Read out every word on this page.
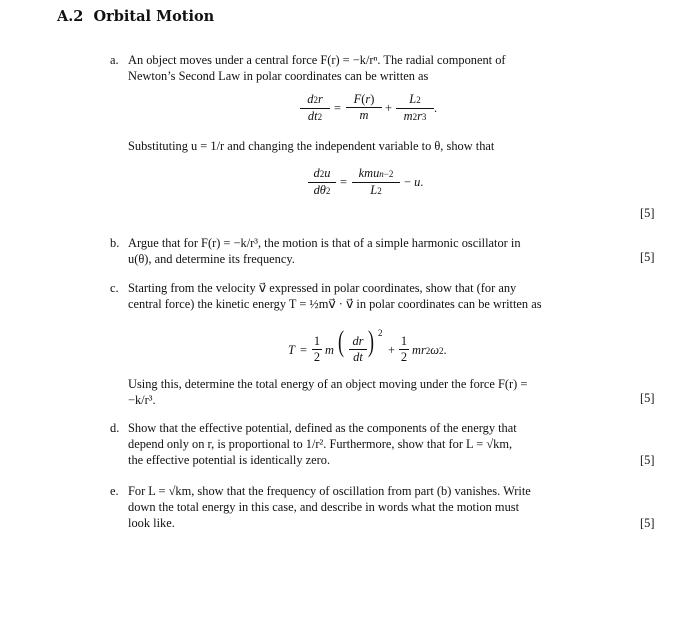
A.2 Orbital Motion
a. An object moves under a central force F(r) = −k/rⁿ. The radial component of
Newton’s Second Law in polar coordinates can be written as
d2r
dt2
=
F(r)
m	+
L2
m2r3
.
Substituting u = 1/r and changing the independent variable to θ, show that
d2u
dθ2
=
kmun−2
L2
− u.
[5]
b. Argue that for F(r) = −k/r³, the motion is that of a simple harmonic oscillator in
u(θ), and determine its frequency.	[5]
c. Starting from the velocity v⃗ expressed in polar coordinates, show that (for any
central force) the kinetic energy T = ½mv⃗ · v⃗ in polar coordinates can be written as
T =
1
2 m ( dr
dt ) 2
+
1
2 mr2ω2.
Using this, determine the total energy of an object moving under the force F(r) =
−k/r³.	[5]
d. Show that the effective potential, defined as the components of the energy that
depend only on r, is proportional to 1/r². Furthermore, show that for L = √km,
the effective potential is identically zero.	[5]
e. For L = √km, show that the frequency of oscillation from part (b) vanishes. Write
down the total energy in this case, and describe in words what the motion must
look like.	[5]
